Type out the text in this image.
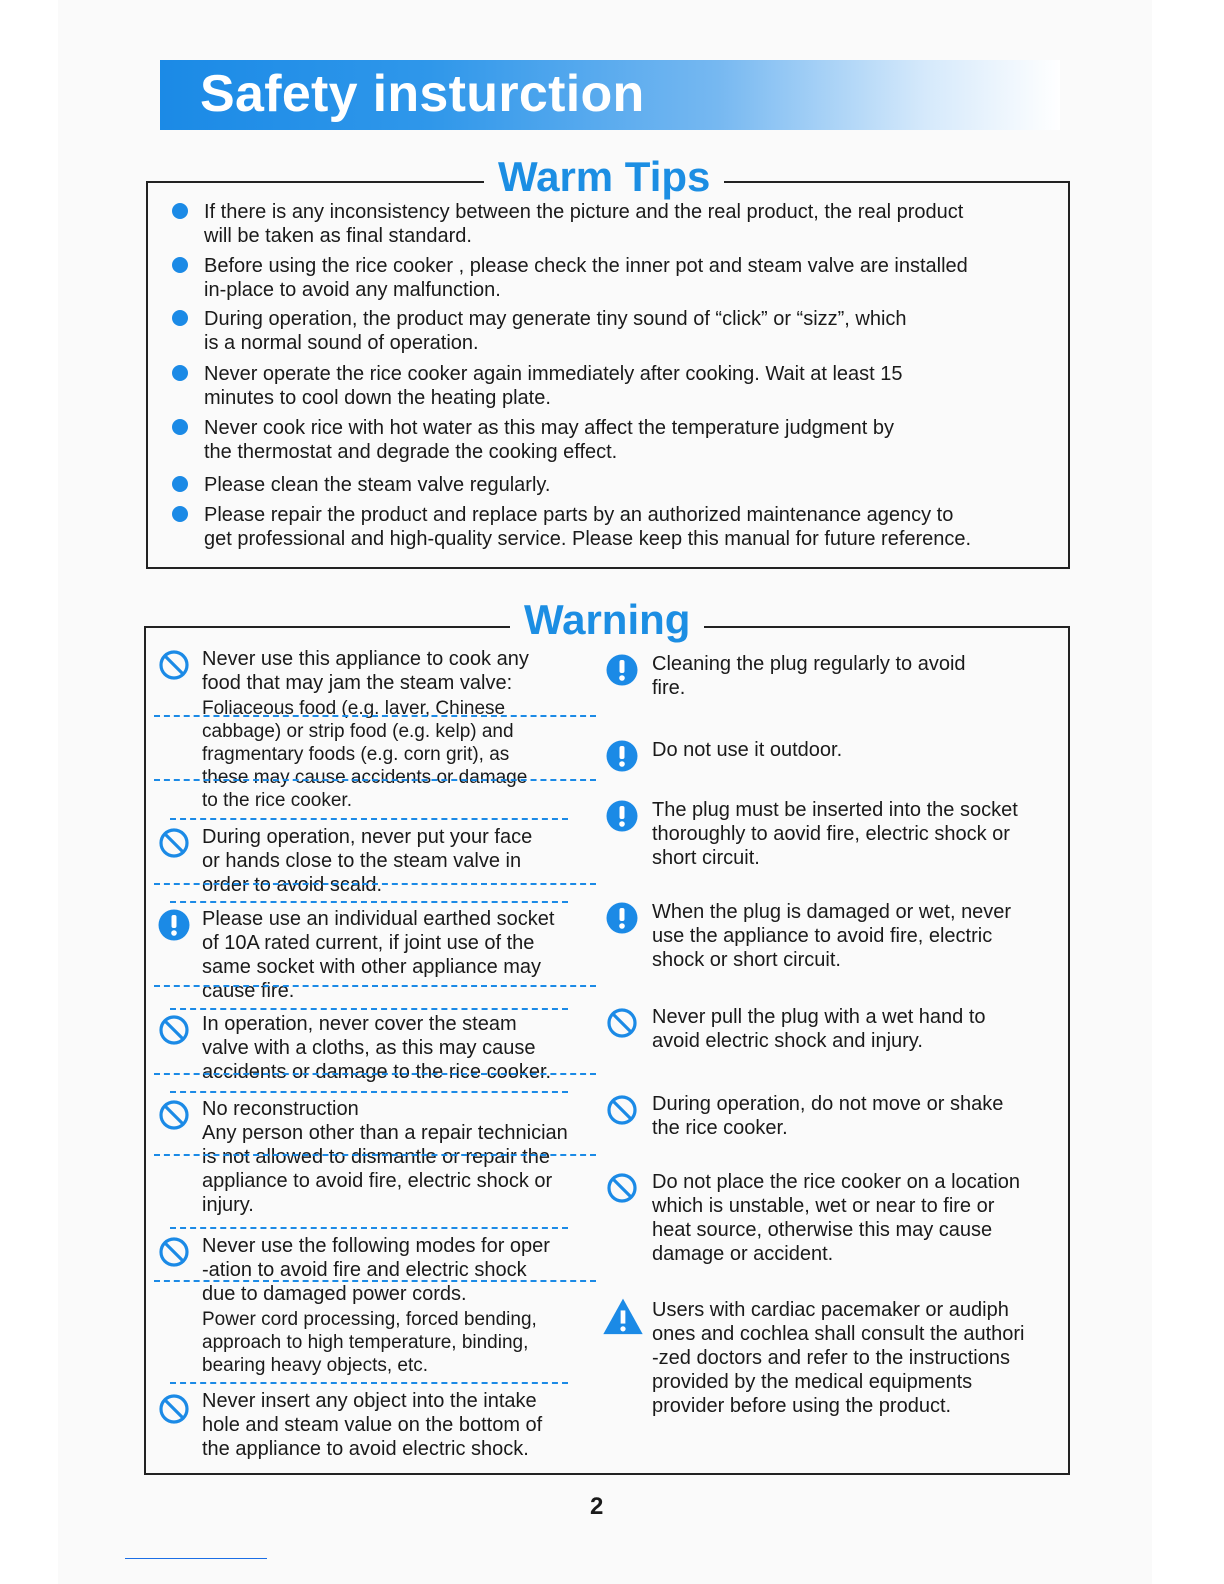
Safety insturction
Warm Tips
If there is any inconsistency between the picture and the real product, the real product
will be taken as final standard.
Before using the rice cooker , please check the inner pot and steam valve are installed
in-place to avoid any malfunction.
During operation, the product may generate tiny sound of “click” or “sizz”, which
is a normal sound of operation.
Never operate the rice cooker again immediately after cooking. Wait at least 15
minutes to cool down the heating plate.
Never cook rice with hot water as this may affect the temperature judgment by
the thermostat and degrade the cooking effect.
Please clean the steam valve regularly.
Please repair the product and replace parts by an authorized maintenance agency to
get professional and high-quality service. Please keep this manual for future reference.
Warning
Never use this appliance to cook any
food that may jam the steam valve:
Foliaceous food (e.g. laver, Chinese
cabbage) or strip food (e.g. kelp) and
fragmentary foods (e.g. corn grit), as
these may cause accidents or damage
to the rice cooker.
During operation, never put your face
or hands close to the steam valve in
order to avoid scald.
Please use an individual earthed socket
of 10A rated current, if joint use of the
same socket with other appliance may
cause fire.
In operation, never cover the steam
valve with a cloths, as this may cause
accidents or damage to the rice cooker.
No reconstruction
Any person other than a repair technician
is not allowed to dismantle or repair the
appliance to avoid fire, electric shock or
injury.
Never use the following modes for oper
-ation to avoid fire and electric shock
due to damaged power cords.
Power cord processing, forced bending,
approach to high temperature, binding,
bearing heavy objects, etc.
Never insert any object into the intake
hole and steam value on the bottom of
the appliance to avoid electric shock.
Cleaning the plug regularly to avoid
fire.
Do not use it outdoor.
The plug must be inserted into the socket
thoroughly to aovid fire, electric shock or
short circuit.
When the plug is damaged or wet, never
use the appliance to avoid fire, electric
shock or short circuit.
Never pull the plug with a wet hand to
avoid electric shock and injury.
During operation, do not move or shake
the rice cooker.
Do not place the rice cooker on a location
which is unstable, wet or near to fire or
heat source, otherwise this may cause
damage or accident.
Users with cardiac pacemaker or audiph
ones and cochlea shall consult the authori
-zed doctors and refer to the instructions
provided by the medical equipments
provider before using the product.
2
